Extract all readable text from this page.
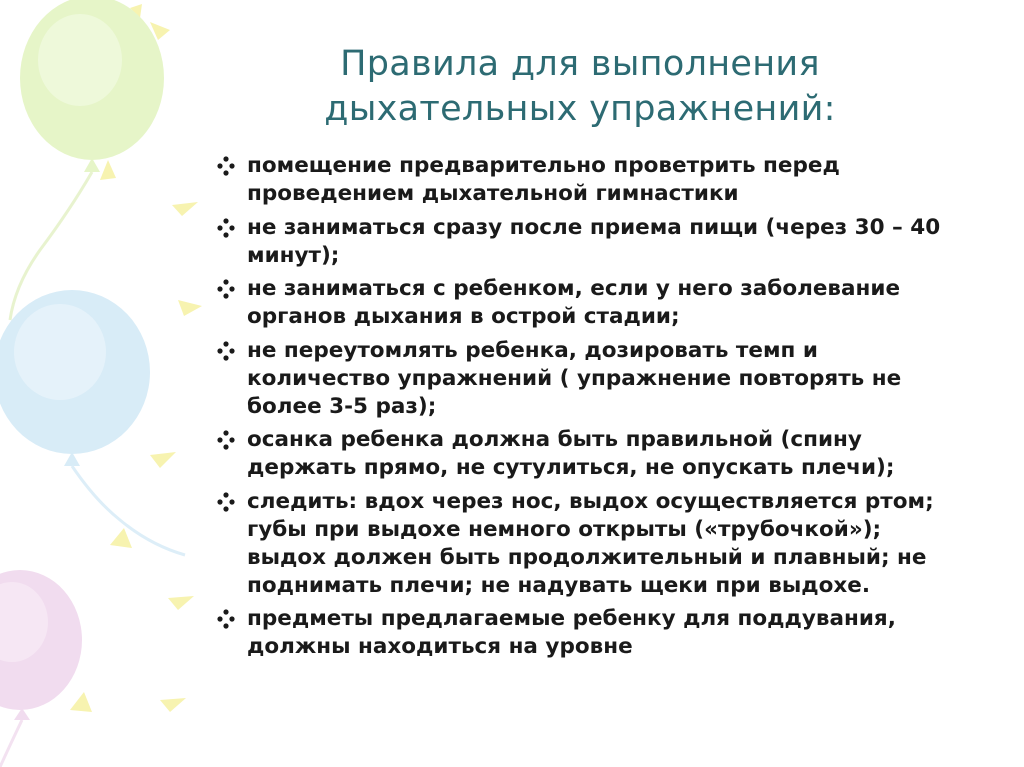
Правила для выполнения
дыхательных упражнений:
помещение предварительно проветрить перед проведением дыхательной гимнастики
не заниматься сразу после приема пищи (через 30 – 40 минут);
не заниматься с ребенком, если у него заболевание органов дыхания в острой стадии;
не переутомлять ребенка, дозировать темп и количество упражнений ( упражнение повторять не более 3-5 раз);
осанка ребенка должна быть правильной (спину держать прямо, не сутулиться, не опускать плечи);
следить: вдох через нос, выдох осуществляется ртом; губы при выдохе немного открыты («трубочкой»); выдох должен быть продолжительный и плавный; не поднимать плечи; не надувать щеки при выдохе.
предметы предлагаемые ребенку для поддувания, должны находиться на уровне
